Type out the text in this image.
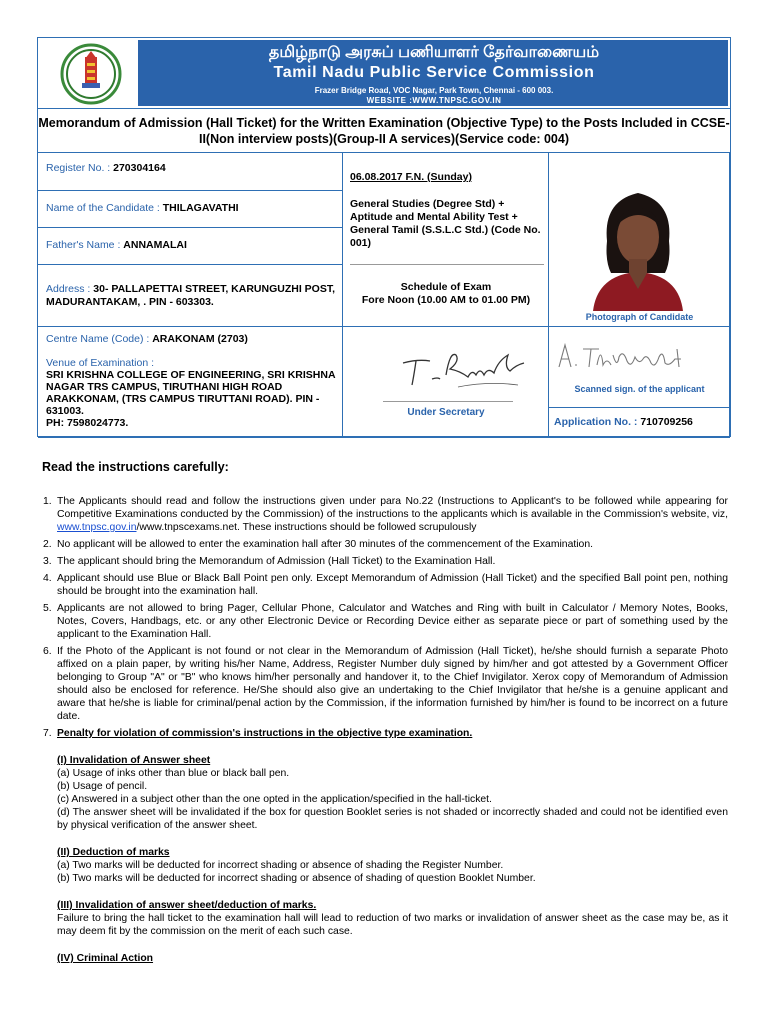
தமிழ்நாடு அரசுப் பணியாளர் தேர்வாணையம்
Tamil Nadu Public Service Commission
Frazer Bridge Road, VOC Nagar, Park Town, Chennai - 600 003.
WEBSITE :WWW.TNPSC.GOV.IN
Memorandum of Admission (Hall Ticket) for the Written Examination (Objective Type) to the Posts Included in CCSE-II(Non interview posts)(Group-II A services)(Service code: 004)
Register No. : 270304164
Name of the Candidate : THILAGAVATHI
Father's Name : ANNAMALAI
Address : 30- PALLAPETTAI STREET, KARUNGUZHI POST, MADURANTAKAM, . PIN - 603303.
Centre Name (Code) : ARAKONAM (2703)
Venue of Examination :
SRI KRISHNA COLLEGE OF ENGINEERING, SRI KRISHNA NAGAR TRS CAMPUS, TIRUTHANI HIGH ROAD ARAKKONAM, (TRS CAMPUS TIRUTTANI ROAD). PIN - 631003.
PH: 7598024773.
06.08.2017 F.N. (Sunday)
General Studies (Degree Std) + Aptitude and Mental Ability Test + General Tamil (S.S.L.C Std.) (Code No. 001)
Schedule of Exam
Fore Noon (10.00 AM to 01.00 PM)
Under Secretary
Photograph of Candidate
Scanned sign. of the applicant
Application No. : 710709256
Read the instructions carefully:
1. The Applicants should read and follow the instructions given under para No.22 (Instructions to Applicant's to be followed while appearing for Competitive Examinations conducted by the Commission) of the instructions to the applicants which is available in the Commission's website, viz, www.tnpsc.gov.in/www.tnpscexams.net. These instructions should be followed scrupulously
2. No applicant will be allowed to enter the examination hall after 30 minutes of the commencement of the Examination.
3. The applicant should bring the Memorandum of Admission (Hall Ticket) to the Examination Hall.
4. Applicant should use Blue or Black Ball Point pen only. Except Memorandum of Admission (Hall Ticket) and the specified Ball point pen, nothing should be brought into the examination hall.
5. Applicants are not allowed to bring Pager, Cellular Phone, Calculator and Watches and Ring with built in Calculator / Memory Notes, Books, Notes, Covers, Handbags, etc. or any other Electronic Device or Recording Device either as separate piece or part of something used by the applicant to the Examination Hall.
6. If the Photo of the Applicant is not found or not clear in the Memorandum of Admission (Hall Ticket), he/she should furnish a separate Photo affixed on a plain paper, by writing his/her Name, Address, Register Number duly signed by him/her and got attested by a Government Officer belonging to Group "A" or "B" who knows him/her personally and handover it, to the Chief Invigilator. Xerox copy of Memorandum of Admission should also be enclosed for reference. He/She should also give an undertaking to the Chief Invigilator that he/she is a genuine applicant and aware that he/she is liable for criminal/penal action by the Commission, if the information furnished by him/her is found to be incorrect on a future date.
7. Penalty for violation of commission's instructions in the objective type examination.
(I) Invalidation of Answer sheet
(a) Usage of inks other than blue or black ball pen.
(b) Usage of pencil.
(c) Answered in a subject other than the one opted in the application/specified in the hall-ticket.
(d) The answer sheet will be invalidated if the box for question Booklet series is not shaded or incorrectly shaded and could not be identified even by physical verification of the answer sheet.
(II) Deduction of marks
(a) Two marks will be deducted for incorrect shading or absence of shading the Register Number.
(b) Two marks will be deducted for incorrect shading or absence of shading of question Booklet Number.
(III) Invalidation of answer sheet/deduction of marks.
Failure to bring the hall ticket to the examination hall will lead to reduction of two marks or invalidation of answer sheet as the case may be, as it may deem fit by the commission on the merit of each such case.
(IV) Criminal Action
